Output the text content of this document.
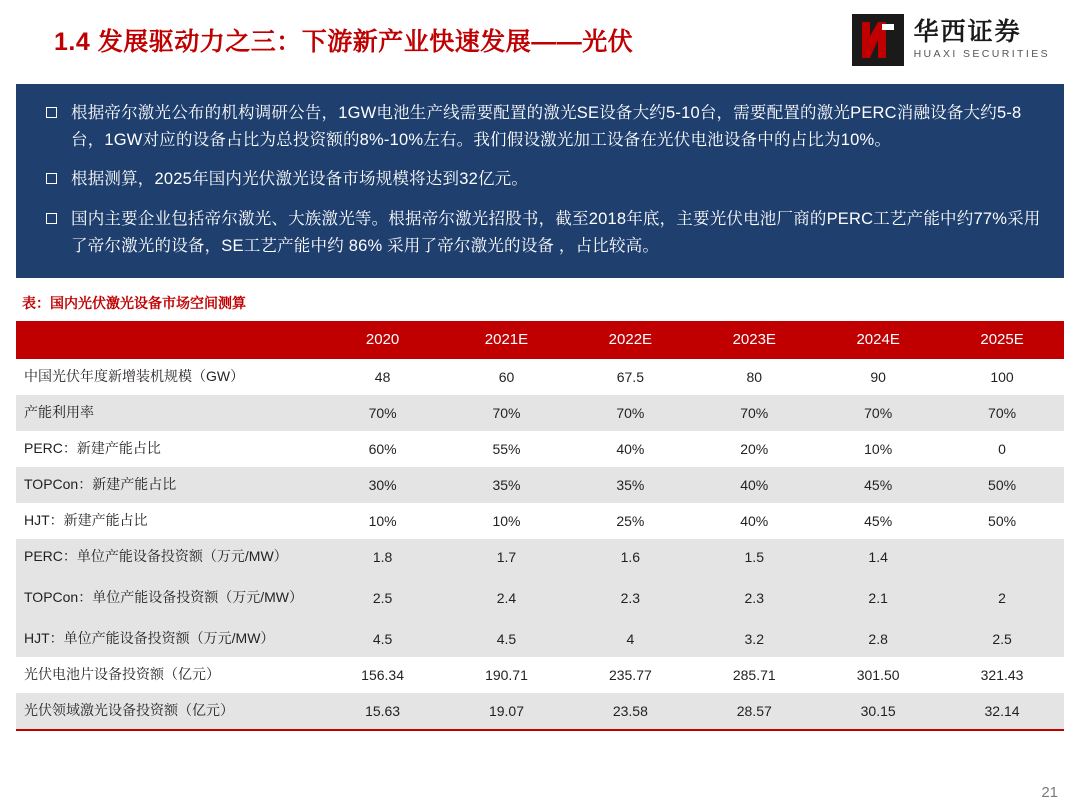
1.4 发展驱动力之三：下游新产业快速发展——光伏	华西证券
HUAXI SECURITIES
根据帝尔激光公布的机构调研公告，1GW电池生产线需要配置的激光SE设备大约5-10台，需要配置的激光PERC消融设备大约5-8台，1GW对应的设备占比为总投资额的8%-10%左右。我们假设激光加工设备在光伏电池设备中的占比为10%。
根据测算，2025年国内光伏激光设备市场规模将达到32亿元。
国内主要企业包括帝尔激光、大族激光等。根据帝尔激光招股书，截至2018年底，主要光伏电池厂商的PERC工艺产能中约77%采用了帝尔激光的设备，SE工艺产能中约 86% 采用了帝尔激光的设备 ，占比较高。
表：国内光伏激光设备市场空间测算
	2020	2021E	2022E	2023E	2024E	2025E
中国光伏年度新增装机规模（GW）	48	60	67.5	80	90	100
产能利用率	70%	70%	70%	70%	70%	70%
PERC：新建产能占比	60%	55%	40%	20%	10%	0
TOPCon：新建产能占比	30%	35%	35%	40%	45%	50%
HJT：新建产能占比	10%	10%	25%	40%	45%	50%
PERC：单位产能设备投资额（万元/MW）	1.8	1.7	1.6	1.5	1.4	
TOPCon：单位产能设备投资额（万元/MW）	2.5	2.4	2.3	2.3	2.1	2
HJT：单位产能设备投资额（万元/MW）	4.5	4.5	4	3.2	2.8	2.5
光伏电池片设备投资额（亿元）	156.34	190.71	235.77	285.71	301.50	321.43
光伏领域激光设备投资额（亿元）	15.63	19.07	23.58	28.57	30.15	32.14
21
